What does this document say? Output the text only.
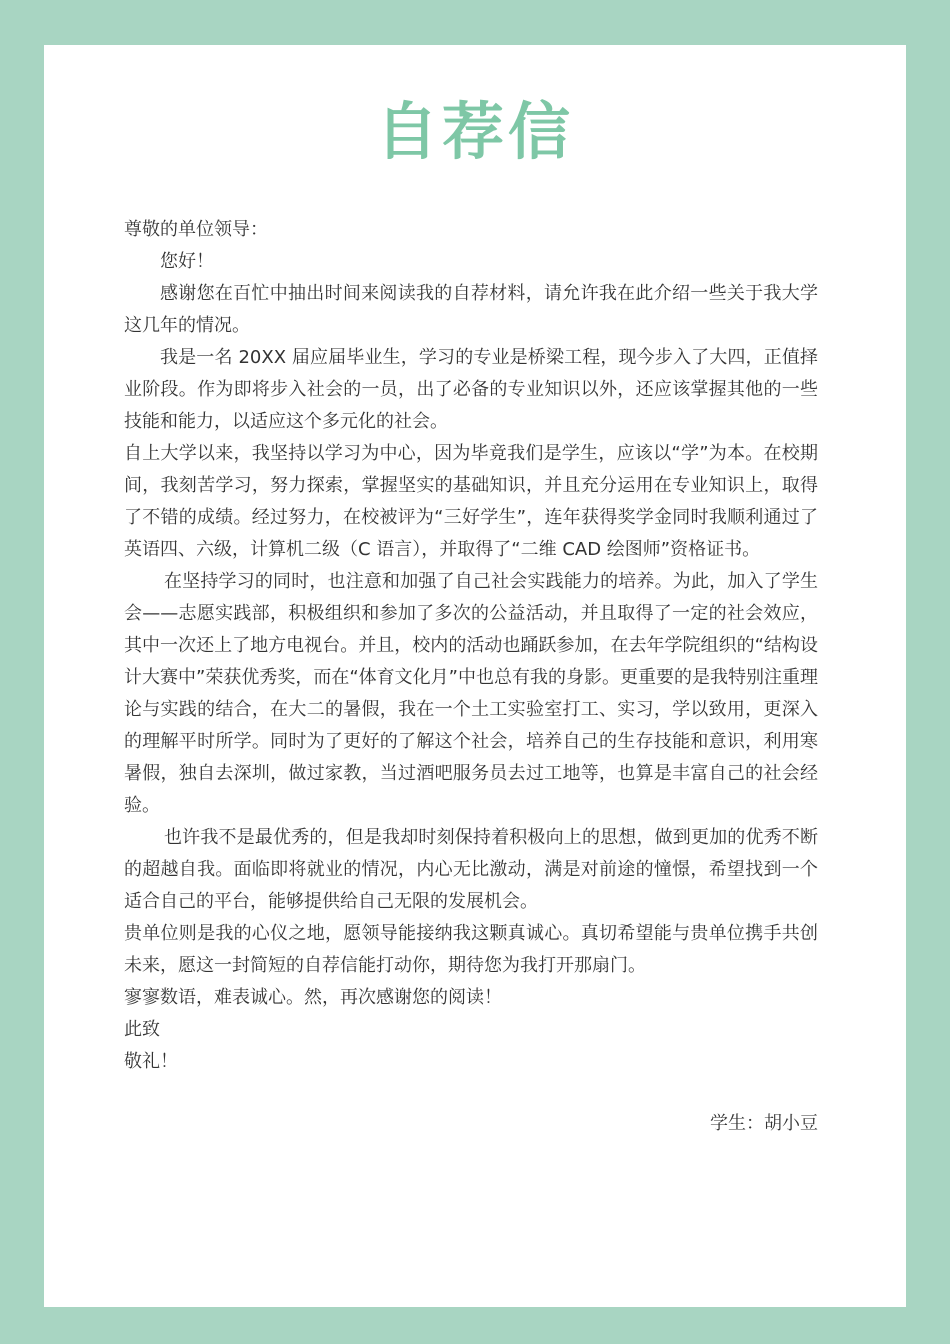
自荐信

尊敬的单位领导：

您好！

感谢您在百忙中抽出时间来阅读我的自荐材料，请允许我在此介绍一些关于我大学 这几年的情况。

我是一名 20XX 届应届毕业生，学习的专业是桥梁工程，现今步入了大四，正值择业阶段。作为即将步入社会的一员，出了必备的专业知识以外，还应该掌握其他的一些技能和能力，以适应这个多元化的社会。

自上大学以来，我坚持以学习为中心，因为毕竟我们是学生，应该以“学”为本。在校期间，我刻苦学习，努力探索，掌握坚实的基础知识，并且充分运用在专业知识上，取得了不错的成绩。经过努力，在校被评为“三好学生”，连年获得奖学金同时我顺利通过了英语四、六级，计算机二级（C 语言），并取得了“二维 CAD 绘图师”资格证书。

在坚持学习的同时，也注意和加强了自己社会实践能力的培养。为此，加入了学生会——志愿实践部，积极组织和参加了多次的公益活动，并且取得了一定的社会效应，其中一次还上了地方电视台。并且，校内的活动也踊跃参加，在去年学院组织的“结构设计大赛中”荣获优秀奖，而在“体育文化月”中也总有我的身影。更重要的是我特别注重理论与实践的结合，在大二的暑假，我在一个土工实验室打工、实习，学以致用，更深入的理解平时所学。同时为了更好的了解这个社会，培养自己的生存技能和意识，利用寒暑假，独自去深圳，做过家教，当过酒吧服务员去过工地等，也算是丰富自己的社会经验。

也许我不是最优秀的，但是我却时刻保持着积极向上的思想，做到更加的优秀不断的超越自我。面临即将就业的情况，内心无比激动，满是对前途的憧憬，希望找到一个适合自己的平台，能够提供给自己无限的发展机会。

贵单位则是我的心仪之地，愿领导能接纳我这颗真诚心。真切希望能与贵单位携手共创未来，愿这一封简短的自荐信能打动你，期待您为我打开那扇门。

寥寥数语，难表诚心。然，再次感谢您的阅读！

此致

敬礼！

学生：胡小豆
